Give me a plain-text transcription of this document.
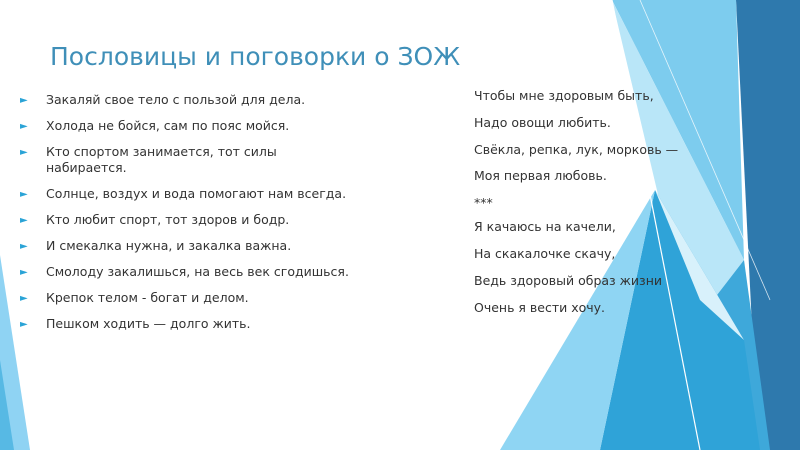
Пословицы и поговорки о ЗОЖ
► Закаляй свое тело с пользой для дела.
► Холода не бойся, сам по пояс мойся.
► Кто спортом занимается, тот силы набирается.
► Солнце, воздух и вода помогают нам всегда.
► Кто любит спорт, тот здоров и бодр.
► И смекалка нужна, и закалка важна.
► Смолоду закалишься, на весь век сгодишься.
► Крепок телом - богат и делом.
► Пешком ходить — долго жить.
Чтобы мне здоровым быть,
Надо овощи любить.
Свёкла, репка, лук, морковь —
Моя первая любовь.
***
Я качаюсь на качели,
На скакалочке скачу,
Ведь здоровый образ жизни
Очень я вести хочу.
